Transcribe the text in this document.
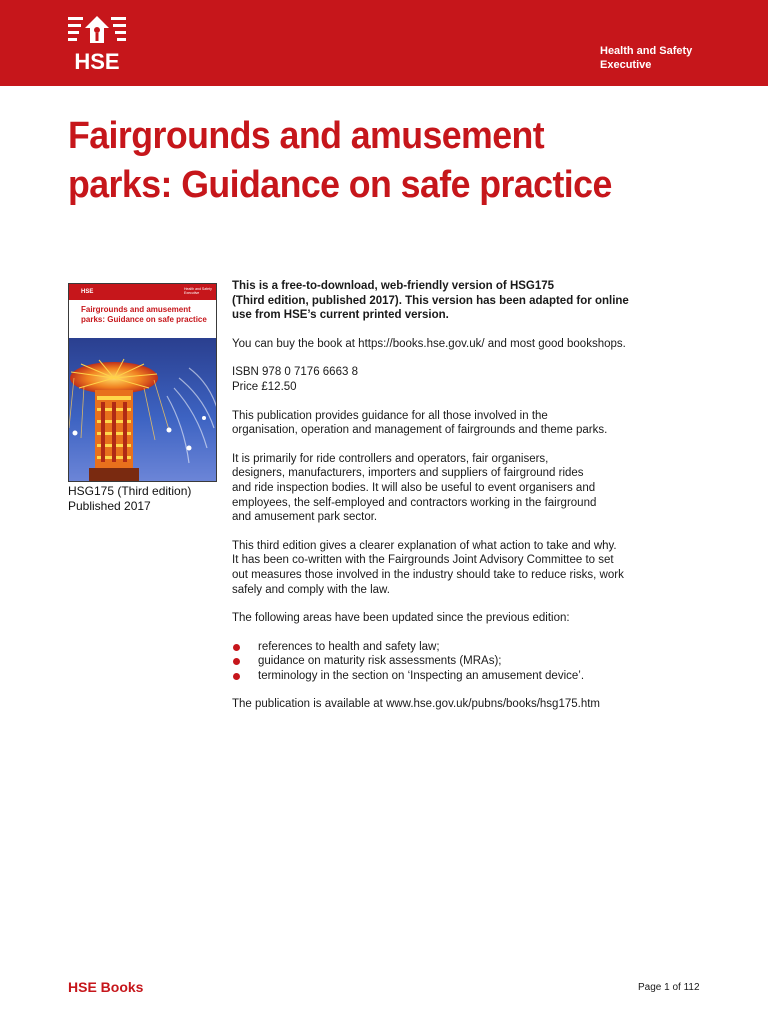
HSE	Health and Safety
Executive
Fairgrounds and amusement
parks: Guidance on safe practice
HSE	Health and Safety Executive
Fairgrounds and amusement
parks: Guidance on safe practice
HSG175 (Third edition)
Published 2017

This is a free-to-download, web-friendly version of HSG175
(Third edition, published 2017). This version has been adapted for online
use from HSE’s current printed version.

You can buy the book at https://books.hse.gov.uk/ and most good bookshops.

ISBN 978 0 7176 6663 8
Price £12.50

This publication provides guidance for all those involved in the
organisation, operation and management of fairgrounds and theme parks.

It is primarily for ride controllers and operators, fair organisers,
designers, manufacturers, importers and suppliers of fairground rides
and ride inspection bodies. It will also be useful to event organisers and
employees, the self-employed and contractors working in the fairground
and amusement park sector.

This third edition gives a clearer explanation of what action to take and why.
It has been co-written with the Fairgrounds Joint Advisory Committee to set
out measures those involved in the industry should take to reduce risks, work
safely and comply with the law.

The following areas have been updated since the previous edition:

references to health and safety law;
guidance on maturity risk assessments (MRAs);
terminology in the section on ‘Inspecting an amusement device’.

The publication is available at www.hse.gov.uk/pubns/books/hsg175.htm

HSE Books	Page 1 of 112
